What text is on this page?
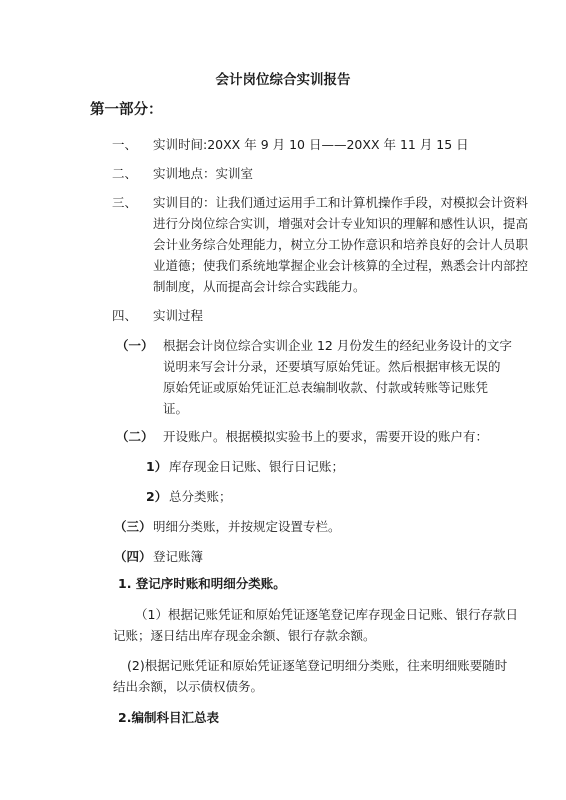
会计岗位综合实训报告
第一部分：
一、 实训时间:20XX 年 9 月 10 日——20XX 年 11 月 15 日
二、 实训地点：实训室
三、 实训目的：让我们通过运用手工和计算机操作手段，对模拟会计资料
进行分岗位综合实训，增强对会计专业知识的理解和感性认识，提高
会计业务综合处理能力，树立分工协作意识和培养良好的会计人员职
业道德；使我们系统地掌握企业会计核算的全过程，熟悉会计内部控
制制度，从而提高会计综合实践能力。
四、 实训过程
（一） 根据会计岗位综合实训企业 12 月份发生的经纪业务设计的文字
说明来写会计分录，还要填写原始凭证。然后根据审核无误的
原始凭证或原始凭证汇总表编制收款、付款或转账等记账凭
证。
（二） 开设账户。根据模拟实验书上的要求，需要开设的账户有：
1） 库存现金日记账、银行日记账；
2） 总分类账；
（三） 明细分类账，并按规定设置专栏。
（四） 登记账簿
1. 登记序时账和明细分类账。
（1）根据记账凭证和原始凭证逐笔登记库存现金日记账、银行存款日
记账；逐日结出库存现金余额、银行存款余额。
(2)根据记账凭证和原始凭证逐笔登记明细分类账，往来明细账要随时
结出余额，以示债权债务。
2.编制科目汇总表
